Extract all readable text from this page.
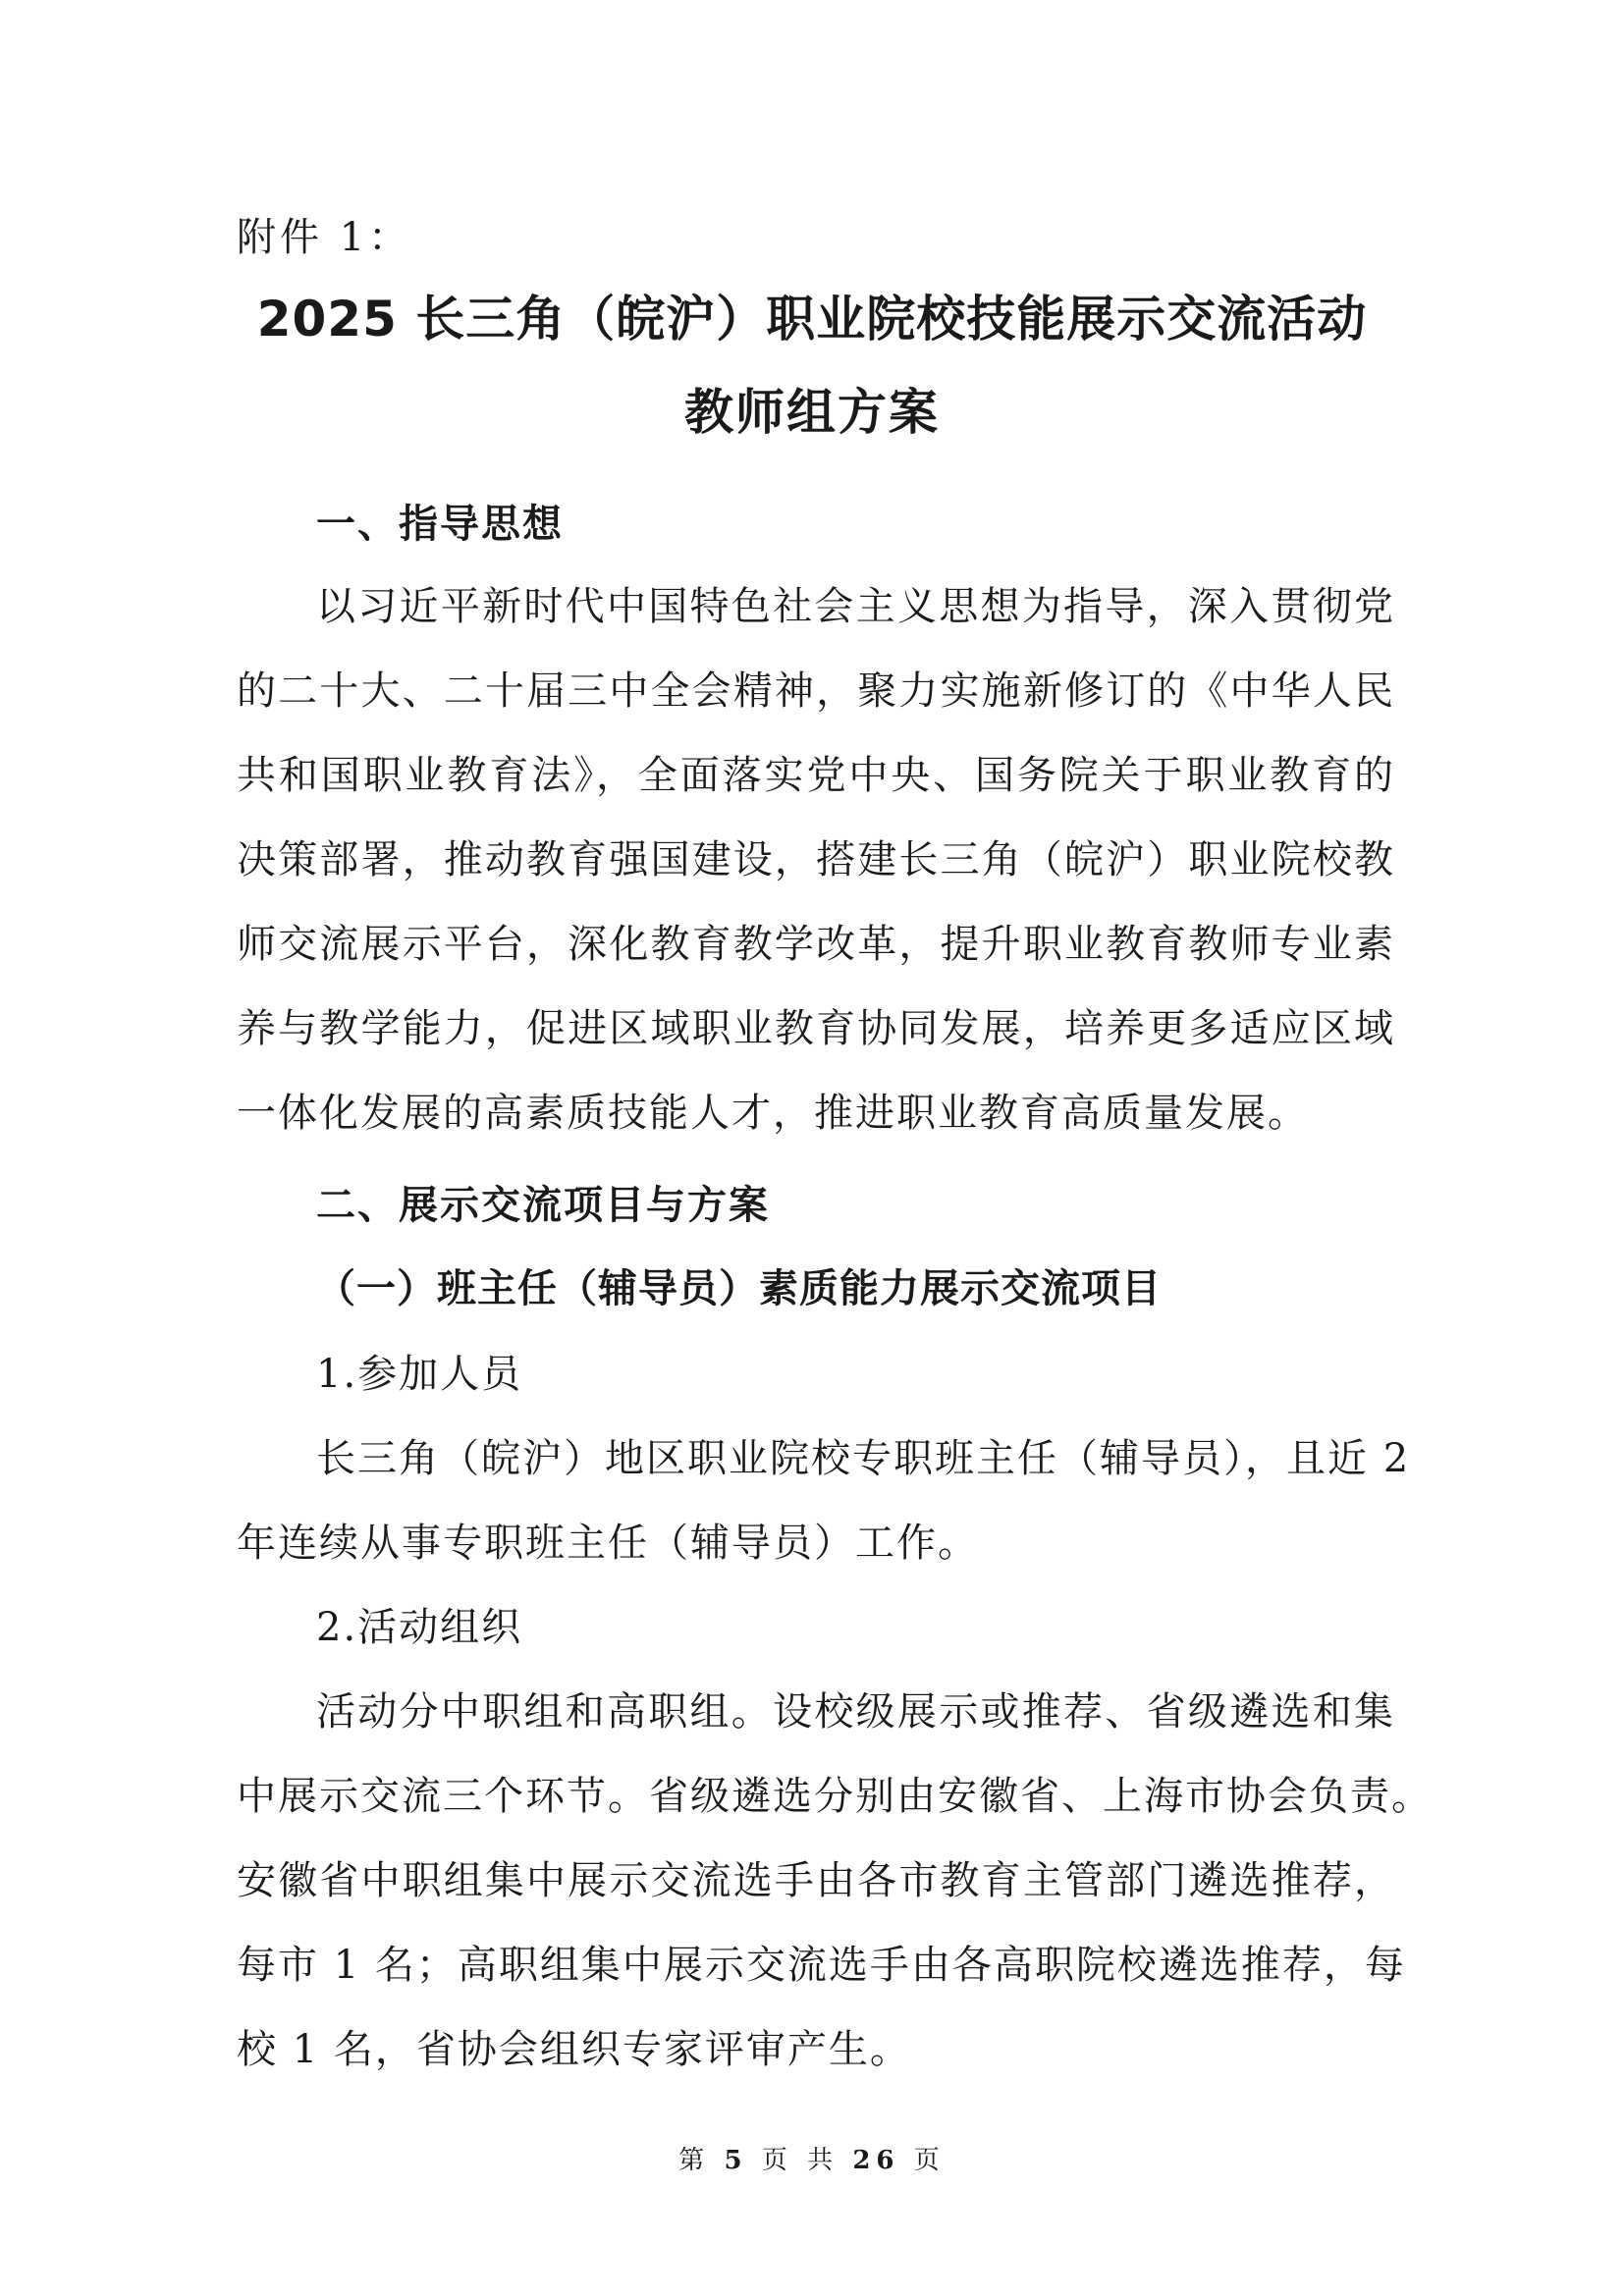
附件 1：
2025 长三角（皖沪）职业院校技能展示交流活动
教师组方案
一、指导思想
以习近平新时代中国特色社会主义思想为指导，深入贯彻党
的二十大、二十届三中全会精神，聚力实施新修订的《中华人民
共和国职业教育法》，全面落实党中央、国务院关于职业教育的
决策部署，推动教育强国建设，搭建长三角（皖沪）职业院校教
师交流展示平台，深化教育教学改革，提升职业教育教师专业素
养与教学能力，促进区域职业教育协同发展，培养更多适应区域
一体化发展的高素质技能人才，推进职业教育高质量发展。
二、展示交流项目与方案
（一）班主任（辅导员）素质能力展示交流项目
1.参加人员
长三角（皖沪）地区职业院校专职班主任（辅导员），且近 2
年连续从事专职班主任（辅导员）工作。
2.活动组织
活动分中职组和高职组。设校级展示或推荐、省级遴选和集
中展示交流三个环节。省级遴选分别由安徽省、上海市协会负责。
安徽省中职组集中展示交流选手由各市教育主管部门遴选推荐，
每市 1 名；高职组集中展示交流选手由各高职院校遴选推荐，每
校 1 名，省协会组织专家评审产生。
第 5 页 共 26 页
